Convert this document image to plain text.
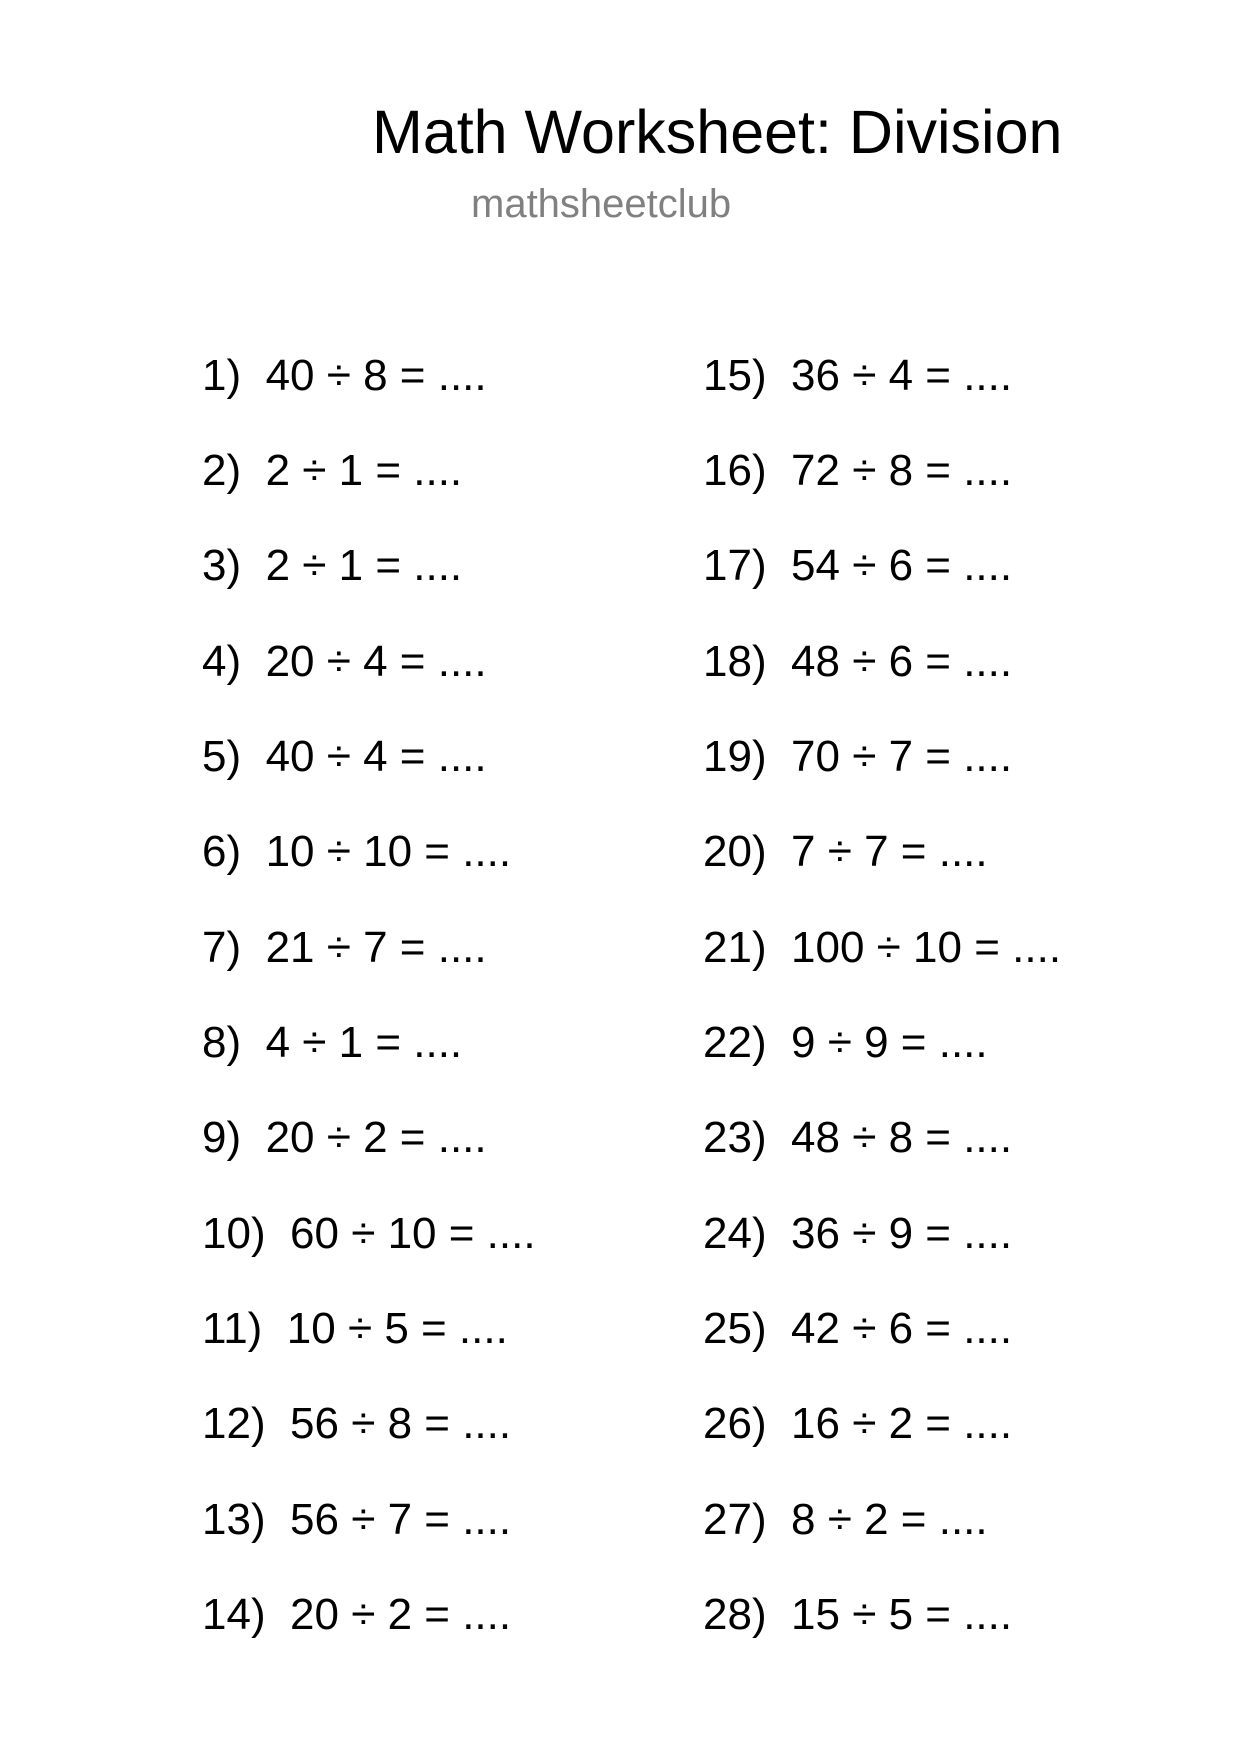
Math Worksheet: Division
mathsheetclub
1)  40 ÷ 8 = ....
2)  2 ÷ 1 = ....
3)  2 ÷ 1 = ....
4)  20 ÷ 4 = ....
5)  40 ÷ 4 = ....
6)  10 ÷ 10 = ....
7)  21 ÷ 7 = ....
8)  4 ÷ 1 = ....
9)  20 ÷ 2 = ....
10)  60 ÷ 10 = ....
11)  10 ÷ 5 = ....
12)  56 ÷ 8 = ....
13)  56 ÷ 7 = ....
14)  20 ÷ 2 = ....
15)  36 ÷ 4 = ....
16)  72 ÷ 8 = ....
17)  54 ÷ 6 = ....
18)  48 ÷ 6 = ....
19)  70 ÷ 7 = ....
20)  7 ÷ 7 = ....
21)  100 ÷ 10 = ....
22)  9 ÷ 9 = ....
23)  48 ÷ 8 = ....
24)  36 ÷ 9 = ....
25)  42 ÷ 6 = ....
26)  16 ÷ 2 = ....
27)  8 ÷ 2 = ....
28)  15 ÷ 5 = ....
